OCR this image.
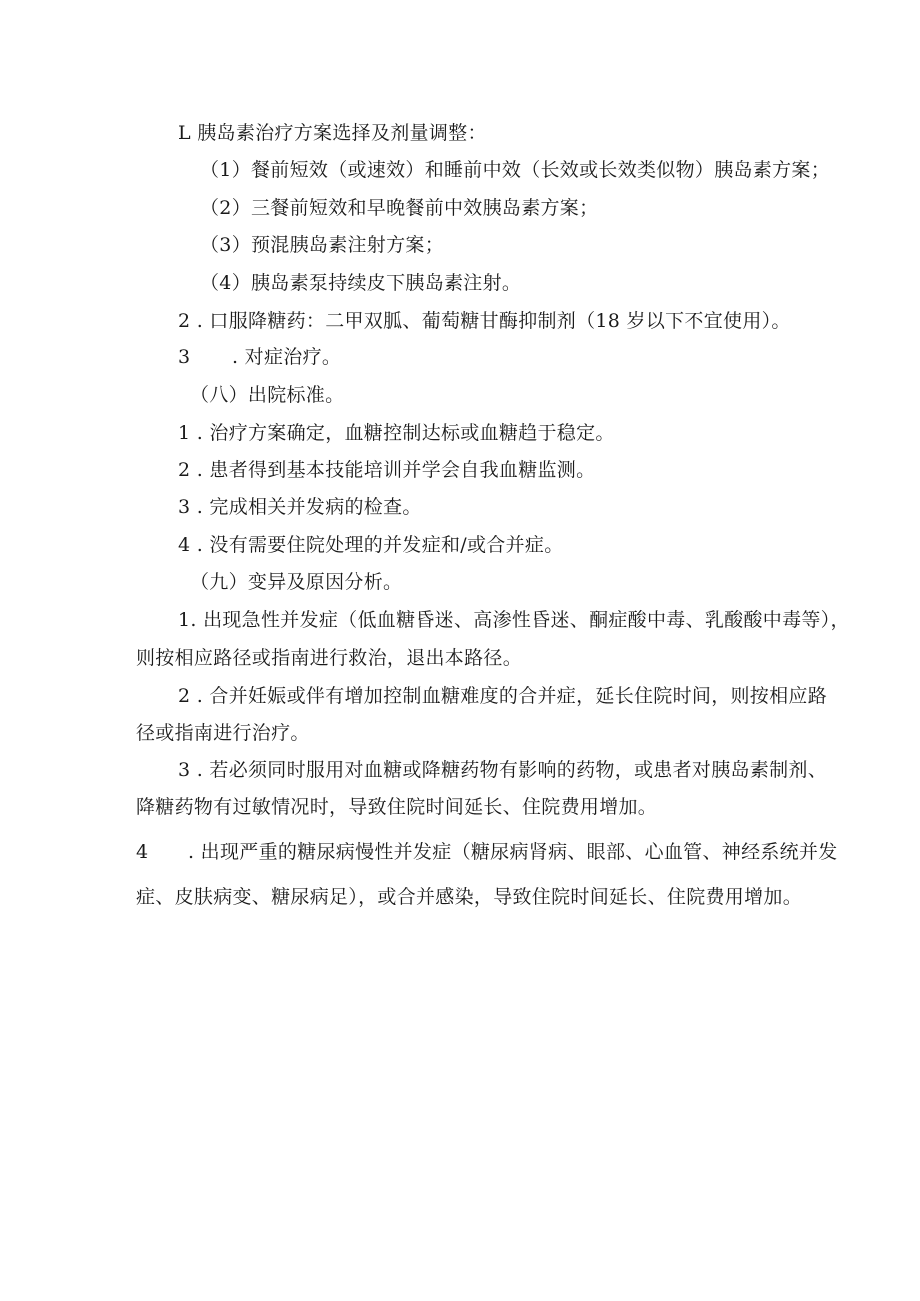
L 胰岛素治疗方案选择及剂量调整：
（1）餐前短效（或速效）和睡前中效（长效或长效类似物）胰岛素方案；
（2）三餐前短效和早晚餐前中效胰岛素方案；
（3）预混胰岛素注射方案；
（4）胰岛素泵持续皮下胰岛素注射。
2 . 口服降糖药：二甲双胍、葡萄糖甘酶抑制剂（18 岁以下不宜使用）。
3 . 对症治疗。
（八）出院标准。
1 . 治疗方案确定，血糖控制达标或血糖趋于稳定。
2 . 患者得到基本技能培训并学会自我血糖监测。
3 . 完成相关并发病的检查。
4 . 没有需要住院处理的并发症和/或合并症。
（九）变异及原因分析。
1. 出现急性并发症（低血糖昏迷、高渗性昏迷、酮症酸中毒、乳酸酸中毒等），
则按相应路径或指南进行救治，退出本路径。
2 . 合并妊娠或伴有增加控制血糖难度的合并症，延长住院时间，则按相应路
径或指南进行治疗。
3 . 若必须同时服用对血糖或降糖药物有影响的药物，或患者对胰岛素制剂、
降糖药物有过敏情况时，导致住院时间延长、住院费用增加。
4 . 出现严重的糖尿病慢性并发症（糖尿病肾病、眼部、心血管、神经系统并发
症、皮肤病变、糖尿病足），或合并感染，导致住院时间延长、住院费用增加。
